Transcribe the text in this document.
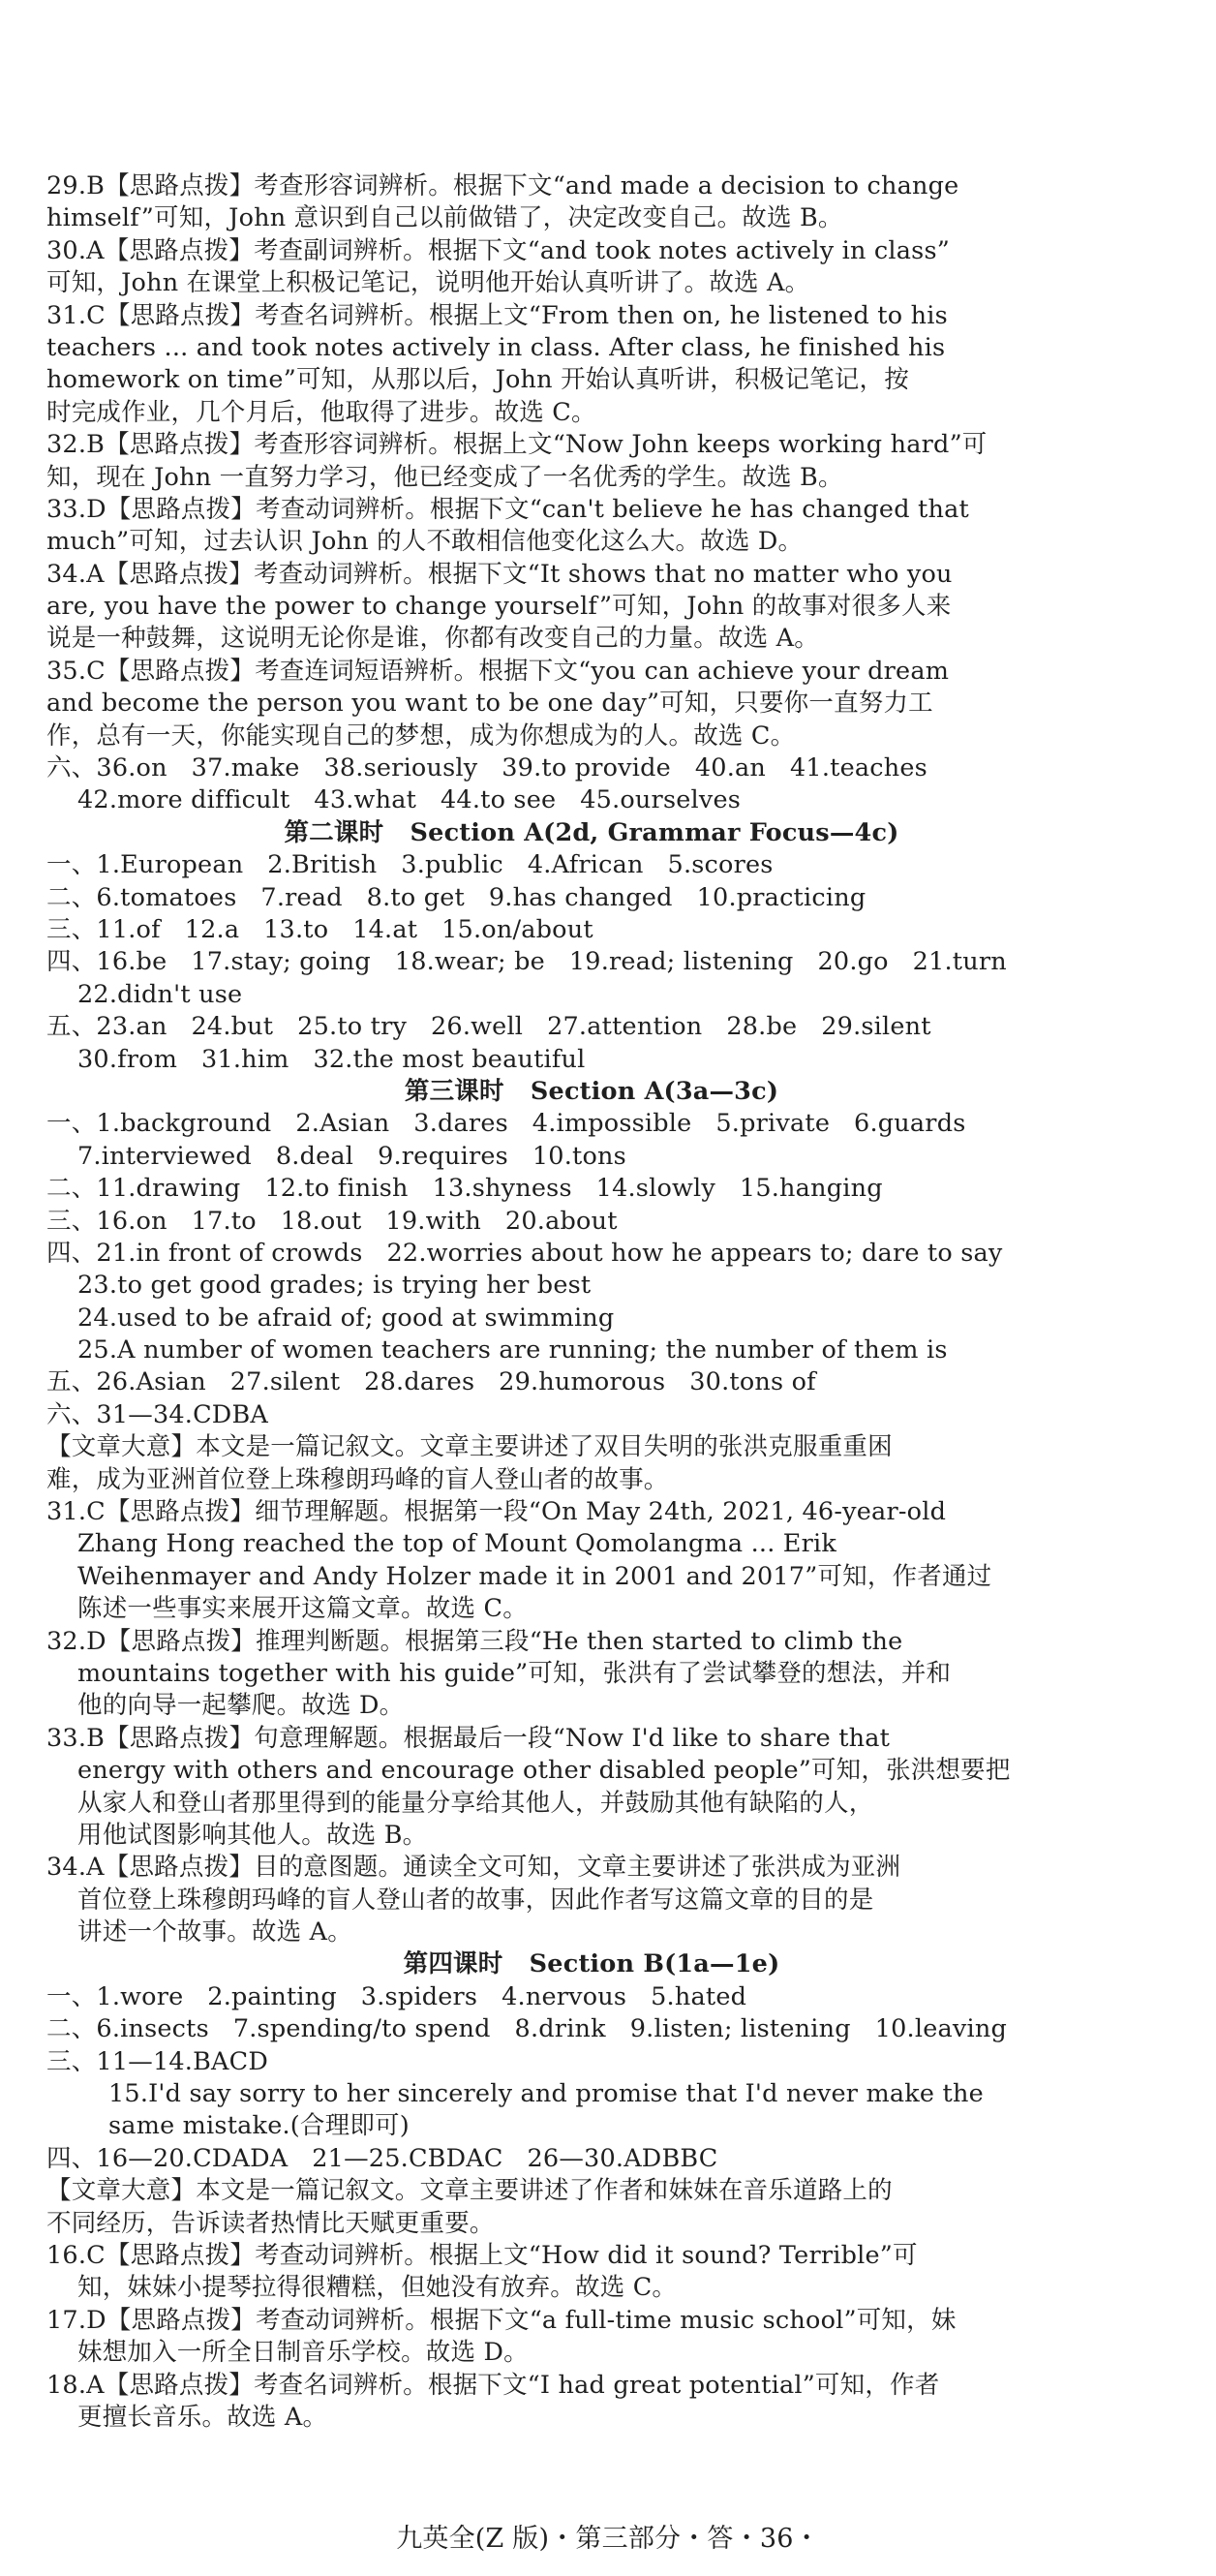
29.B【思路点拨】考查形容词辨析。根据下文“and made a decision to change
himself”可知，John 意识到自己以前做错了，决定改变自己。故选 B。
30.A【思路点拨】考查副词辨析。根据下文“and took notes actively in class”
可知，John 在课堂上积极记笔记，说明他开始认真听讲了。故选 A。
31.C【思路点拨】考查名词辨析。根据上文“From then on, he listened to his
teachers ... and took notes actively in class. After class, he finished his
homework on time”可知，从那以后，John 开始认真听讲，积极记笔记，按
时完成作业，几个月后，他取得了进步。故选 C。
32.B【思路点拨】考查形容词辨析。根据上文“Now John keeps working hard”可
知，现在 John 一直努力学习，他已经变成了一名优秀的学生。故选 B。
33.D【思路点拨】考查动词辨析。根据下文“can't believe he has changed that
much”可知，过去认识 John 的人不敢相信他变化这么大。故选 D。
34.A【思路点拨】考查动词辨析。根据下文“It shows that no matter who you
are, you have the power to change yourself”可知，John 的故事对很多人来
说是一种鼓舞，这说明无论你是谁，你都有改变自己的力量。故选 A。
35.C【思路点拨】考查连词短语辨析。根据下文“you can achieve your dream
and become the person you want to be one day”可知，只要你一直努力工
作，总有一天，你能实现自己的梦想，成为你想成为的人。故选 C。
六、36.on   37.make   38.seriously   39.to provide   40.an   41.teaches
42.more difficult   43.what   44.to see   45.ourselves
第二课时   Section A(2d, Grammar Focus—4c)
一、1.European   2.British   3.public   4.African   5.scores
二、6.tomatoes   7.read   8.to get   9.has changed   10.practicing
三、11.of   12.a   13.to   14.at   15.on/about
四、16.be   17.stay; going   18.wear; be   19.read; listening   20.go   21.turn
22.didn't use
五、23.an   24.but   25.to try   26.well   27.attention   28.be   29.silent
30.from   31.him   32.the most beautiful
第三课时   Section A(3a—3c)
一、1.background   2.Asian   3.dares   4.impossible   5.private   6.guards
7.interviewed   8.deal   9.requires   10.tons
二、11.drawing   12.to finish   13.shyness   14.slowly   15.hanging
三、16.on   17.to   18.out   19.with   20.about
四、21.in front of crowds   22.worries about how he appears to; dare to say
23.to get good grades; is trying her best
24.used to be afraid of; good at swimming
25.A number of women teachers are running; the number of them is
五、26.Asian   27.silent   28.dares   29.humorous   30.tons of
六、31—34.CDBA
【文章大意】本文是一篇记叙文。文章主要讲述了双目失明的张洪克服重重困
难，成为亚洲首位登上珠穆朗玛峰的盲人登山者的故事。
31.C【思路点拨】细节理解题。根据第一段“On May 24th, 2021, 46-year-old
Zhang Hong reached the top of Mount Qomolangma ... Erik
Weihenmayer and Andy Holzer made it in 2001 and 2017”可知，作者通过
陈述一些事实来展开这篇文章。故选 C。
32.D【思路点拨】推理判断题。根据第三段“He then started to climb the
mountains together with his guide”可知，张洪有了尝试攀登的想法，并和
他的向导一起攀爬。故选 D。
33.B【思路点拨】句意理解题。根据最后一段“Now I'd like to share that
energy with others and encourage other disabled people”可知，张洪想要把
从家人和登山者那里得到的能量分享给其他人，并鼓励其他有缺陷的人，
用他试图影响其他人。故选 B。
34.A【思路点拨】目的意图题。通读全文可知，文章主要讲述了张洪成为亚洲
首位登上珠穆朗玛峰的盲人登山者的故事，因此作者写这篇文章的目的是
讲述一个故事。故选 A。
第四课时   Section B(1a—1e)
一、1.wore   2.painting   3.spiders   4.nervous   5.hated
二、6.insects   7.spending/to spend   8.drink   9.listen; listening   10.leaving
三、11—14.BACD
15.I'd say sorry to her sincerely and promise that I'd never make the
same mistake.(合理即可)
四、16—20.CDADA   21—25.CBDAC   26—30.ADBBC
【文章大意】本文是一篇记叙文。文章主要讲述了作者和妹妹在音乐道路上的
不同经历，告诉读者热情比天赋更重要。
16.C【思路点拨】考查动词辨析。根据上文“How did it sound? Terrible”可
知，妹妹小提琴拉得很糟糕，但她没有放弃。故选 C。
17.D【思路点拨】考查动词辨析。根据下文“a full-time music school”可知，妹
妹想加入一所全日制音乐学校。故选 D。
18.A【思路点拨】考查名词辨析。根据下文“I had great potential”可知，作者
更擅长音乐。故选 A。
九英全(Z 版)・第三部分・答・36・
